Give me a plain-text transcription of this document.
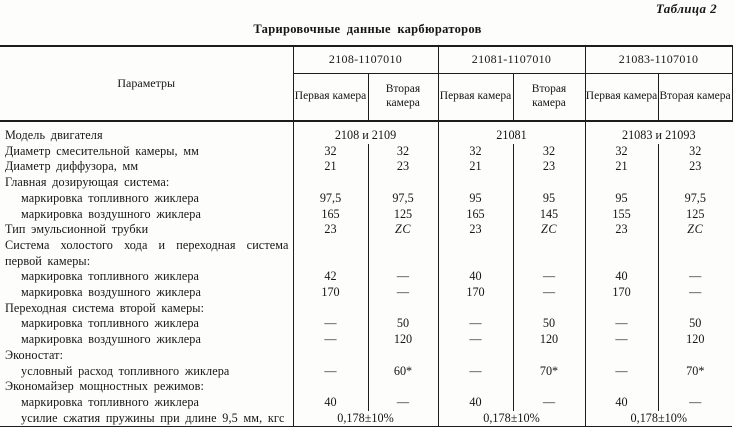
Таблица 2
Тарировочные данные карбюраторов
Параметры	2108-1107010		21081-1107010		21083-1107010	
	Первая камера	Вторая камера	Первая камера	Вторая камера	Первая камера	Вторая камера
Модель двигателя	2108 и 2109		21081		21083 и 21093	
Диаметр смесительной камеры, мм	32	32	32	32	32	32
Диаметр диффузора, мм	21	23	21	23	21	23
Главная дозирующая система:						
маркировка топливного жиклера	97,5	97,5	95	95	95	97,5
маркировка воздушного жиклера	165	125	165	145	155	125
Тип эмульсионной трубки	23	ZC	23	ZC	23	ZC
Система холостого хода и переходная система первой камеры:						
маркировка топливного жиклера	42	—	40	—	40	—
маркировка воздушного жиклера	170	—	170	—	170	—
Переходная система второй камеры:						
маркировка топливного жиклера	—	50	—	50	—	50
маркировка воздушного жиклера	—	120	—	120	—	120
Эконостат:						
условный расход топливного жиклера	—	60*	—	70*	—	70*
Экономайзер мощностных режимов:						
маркировка топливного жиклера	40	—	40	—	40	—
усилие сжатия пружины при длине 9,5 мм, кгс	0,178±10%		0,178±10%		0,178±10%	
